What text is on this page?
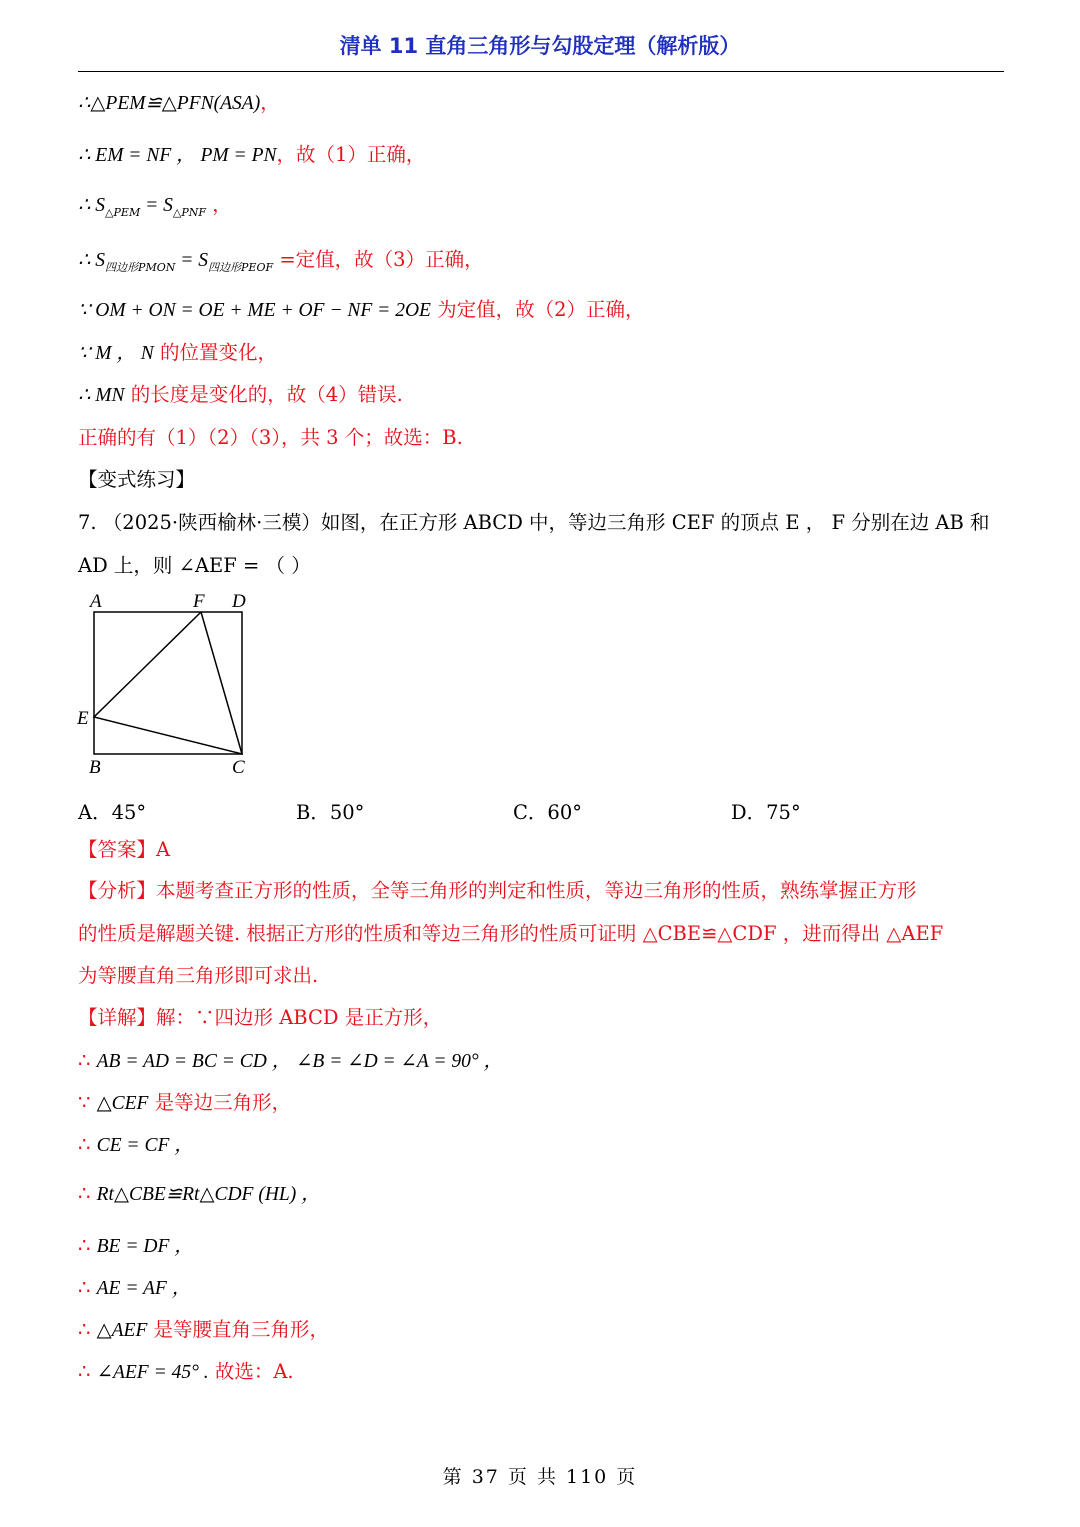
清单 11 直角三角形与勾股定理（解析版）
∴△PEM≌△PFN(ASA)，
∴ EM = NF ， PM = PN，故（1）正确，
∴ $S_{\triangle PEM} = S_{\triangle PNF}$ ，
∴ $S_{四边形PMON} = S_{四边形PEOF}$ =定值，故（3）正确，
∵ OM + ON = OE + ME + OF − NF = 2OE 为定值，故（2）正确，
∵ M ， N 的位置变化，
∴ MN 的长度是变化的，故（4）错误.
正确的有（1）（2）（3），共 3 个；故选：B.
【变式练习】
7. （2025·陕西榆林·三模）如图，在正方形 ABCD 中，等边三角形 CEF 的顶点 E ， F 分别在边 AB 和
AD 上，则 ∠AEF = （ ）
A	F D
E
B	C
A．45°	B．50°	C．60°	D．75°
【答案】A
【分析】本题考查正方形的性质，全等三角形的判定和性质，等边三角形的性质，熟练掌握正方形
的性质是解题关键. 根据正方形的性质和等边三角形的性质可证明 △CBE≌△CDF ，进而得出 △AEF
为等腰直角三角形即可求出.
【详解】解：∵四边形 ABCD 是正方形，
∴ AB = AD = BC = CD ， ∠B = ∠D = ∠A = 90° ，
∵ △CEF 是等边三角形，
∴ CE = CF ，
∴ Rt△CBE≌Rt△CDF (HL) ，
∴ BE = DF ，
∴ AE = AF ，
∴ △AEF 是等腰直角三角形，
∴ ∠AEF = 45° . 故选：A.
第 37 页 共 110 页
